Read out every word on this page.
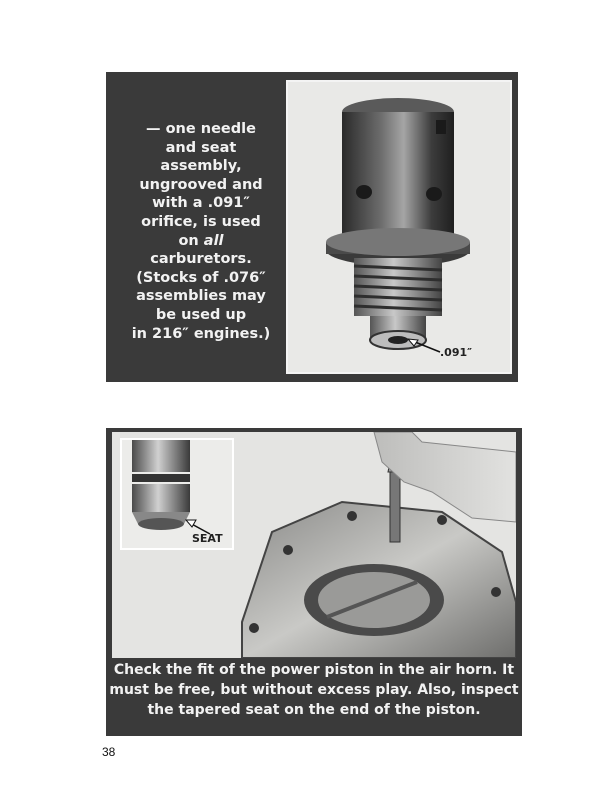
— one needle
and seat
assembly,
ungrooved and
with a .091″
orifice, is used
on all
carburetors.
(Stocks of .076″
assemblies may
be used up
in 216″ engines.)
.091″
SEAT
Check the fit of the power piston in the air horn. It
must be free, but without excess play. Also, inspect
the tapered seat on the end of the piston.
38
